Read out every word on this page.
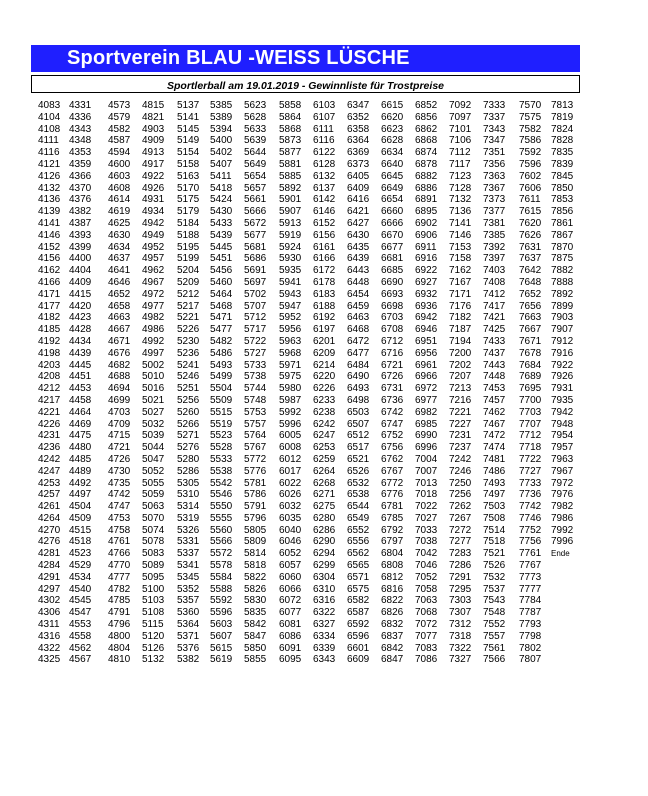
Sportverein BLAU -WEISS LÜSCHE
Sportlerball am 19.01.2019 - Gewinnliste für Trostpreise
4083 4331 4573 4815 5137 5385 5623 5858 6103 6347 6615 6852 7092 7333 7570 7813
4104 4336 4579 4821 5141 5389 5628 5864 6107 6352 6620 6856 7097 7337 7575 7819
4108 4343 4582 4903 5145 5394 5633 5868 6111 6358 6623 6862 7101 7343 7582 7824
4111 4348 4587 4909 5149 5400 5639 5873 6116 6364 6628 6868 7106 7347 7586 7828
4116 4353 4594 4913 5154 5402 5644 5877 6122 6369 6634 6874 7112 7351 7592 7835
4121 4359 4600 4917 5158 5407 5649 5881 6128 6373 6640 6878 7117 7356 7596 7839
4126 4366 4603 4922 5163 5411 5654 5885 6132 6405 6645 6882 7123 7363 7602 7845
4132 4370 4608 4926 5170 5418 5657 5892 6137 6409 6649 6886 7128 7367 7606 7850
4136 4376 4614 4931 5175 5424 5661 5901 6142 6416 6654 6891 7132 7373 7611 7853
4139 4382 4619 4934 5179 5430 5666 5907 6146 6421 6660 6895 7136 7377 7615 7856
4141 4387 4625 4942 5184 5433 5672 5913 6152 6427 6666 6902 7141 7381 7620 7861
4146 4393 4630 4949 5188 5439 5677 5919 6156 6430 6670 6906 7146 7385 7626 7867
4152 4399 4634 4952 5195 5445 5681 5924 6161 6435 6677 6911 7153 7392 7631 7870
4156 4400 4637 4957 5199 5451 5686 5930 6166 6439 6681 6916 7158 7397 7637 7875
4162 4404 4641 4962 5204 5456 5691 5935 6172 6443 6685 6922 7162 7403 7642 7882
4166 4409 4646 4967 5209 5460 5697 5941 6178 6448 6690 6927 7167 7408 7648 7888
4171 4415 4652 4972 5212 5464 5702 5943 6183 6454 6693 6932 7171 7412 7652 7892
4177 4420 4658 4977 5217 5468 5707 5947 6188 6459 6698 6936 7176 7417 7656 7899
4182 4423 4663 4982 5221 5471 5712 5952 6192 6463 6703 6942 7182 7421 7663 7903
4185 4428 4667 4986 5226 5477 5717 5956 6197 6468 6708 6946 7187 7425 7667 7907
4192 4434 4671 4992 5230 5482 5722 5963 6201 6472 6712 6951 7194 7433 7671 7912
4198 4439 4676 4997 5236 5486 5727 5968 6209 6477 6716 6956 7200 7437 7678 7916
4203 4445 4682 5002 5241 5493 5733 5971 6214 6484 6721 6961 7202 7443 7684 7922
4208 4451 4688 5010 5246 5499 5738 5975 6220 6490 6726 6966 7207 7448 7689 7926
4212 4453 4694 5016 5251 5504 5744 5980 6226 6493 6731 6972 7213 7453 7695 7931
4217 4458 4699 5021 5256 5509 5748 5987 6233 6498 6736 6977 7216 7457 7700 7935
4221 4464 4703 5027 5260 5515 5753 5992 6238 6503 6742 6982 7221 7462 7703 7942
4226 4469 4709 5032 5266 5519 5757 5996 6242 6507 6747 6985 7227 7467 7707 7948
4231 4475 4715 5039 5271 5523 5764 6005 6247 6512 6752 6990 7231 7472 7712 7954
4236 4480 4721 5044 5276 5528 5767 6008 6253 6517 6756 6996 7237 7474 7718 7957
4242 4485 4726 5047 5280 5533 5772 6012 6259 6521 6762 7004 7242 7481 7722 7963
4247 4489 4730 5052 5286 5538 5776 6017 6264 6526 6767 7007 7246 7486 7727 7967
4253 4492 4735 5055 5305 5542 5781 6022 6268 6532 6772 7013 7250 7493 7733 7972
4257 4497 4742 5059 5310 5546 5786 6026 6271 6538 6776 7018 7256 7497 7736 7976
4261 4504 4747 5063 5314 5550 5791 6032 6275 6544 6781 7022 7262 7503 7742 7982
4264 4509 4753 5070 5319 5555 5796 6035 6280 6549 6785 7027 7267 7508 7746 7986
4270 4515 4758 5074 5326 5560 5805 6040 6286 6552 6792 7033 7272 7514 7752 7992
4276 4518 4761 5078 5331 5566 5809 6046 6290 6556 6797 7038 7277 7518 7756 7996
4281 4523 4766 5083 5337 5572 5814 6052 6294 6562 6804 7042 7283 7521 7761 Ende
4284 4529 4770 5089 5341 5578 5818 6057 6299 6565 6808 7046 7286 7526 7767
4291 4534 4777 5095 5345 5584 5822 6060 6304 6571 6812 7052 7291 7532 7773
4297 4540 4782 5100 5352 5588 5826 6066 6310 6575 6816 7058 7295 7537 7777
4302 4545 4785 5103 5357 5592 5830 6072 6316 6582 6822 7063 7303 7543 7784
4306 4547 4791 5108 5360 5596 5835 6077 6322 6587 6826 7068 7307 7548 7787
4311 4553 4796 5115 5364 5603 5842 6081 6327 6592 6832 7072 7312 7552 7793
4316 4558 4800 5120 5371 5607 5847 6086 6334 6596 6837 7077 7318 7557 7798
4322 4562 4804 5126 5376 5615 5850 6091 6339 6601 6842 7083 7322 7561 7802
4325 4567 4810 5132 5382 5619 5855 6095 6343 6609 6847 7086 7327 7566 7807
